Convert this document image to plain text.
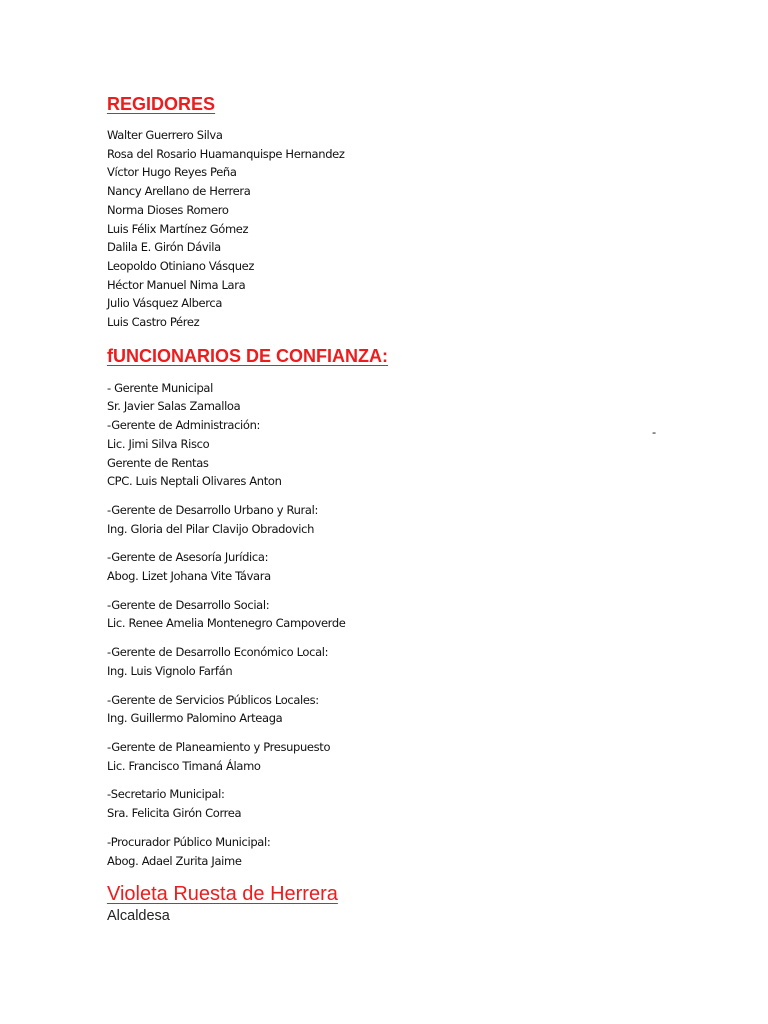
REGIDORES
Walter Guerrero Silva
Rosa del Rosario Huamanquispe Hernandez
Víctor Hugo Reyes Peña
Nancy Arellano de Herrera
Norma Dioses Romero
Luis Félix Martínez Gómez
Dalila E. Girón Dávila
Leopoldo Otiniano Vásquez
Héctor Manuel Nima Lara
Julio Vásquez Alberca
Luis Castro Pérez
fUNCIONARIOS DE CONFIANZA:
- Gerente Municipal
Sr. Javier Salas Zamalloa
-Gerente de Administración:
Lic. Jimi Silva Risco
Gerente de Rentas
CPC. Luis Neptali Olivares Anton
-
-Gerente de Desarrollo Urbano y Rural:
Ing. Gloria del Pilar Clavijo Obradovich
-Gerente de Asesoría Jurídica:
Abog. Lizet Johana Vite Távara
-Gerente de Desarrollo Social:
Lic. Renee Amelia Montenegro Campoverde
-Gerente de Desarrollo Económico Local:
Ing. Luis Vignolo Farfán
-Gerente de Servicios Públicos Locales:
Ing. Guillermo Palomino Arteaga
-Gerente de Planeamiento y Presupuesto
Lic. Francisco Timaná Álamo
-Secretario Municipal:
Sra. Felicita Girón Correa
-Procurador Público Municipal:
Abog. Adael Zurita Jaime
Violeta Ruesta de Herrera
Alcaldesa
